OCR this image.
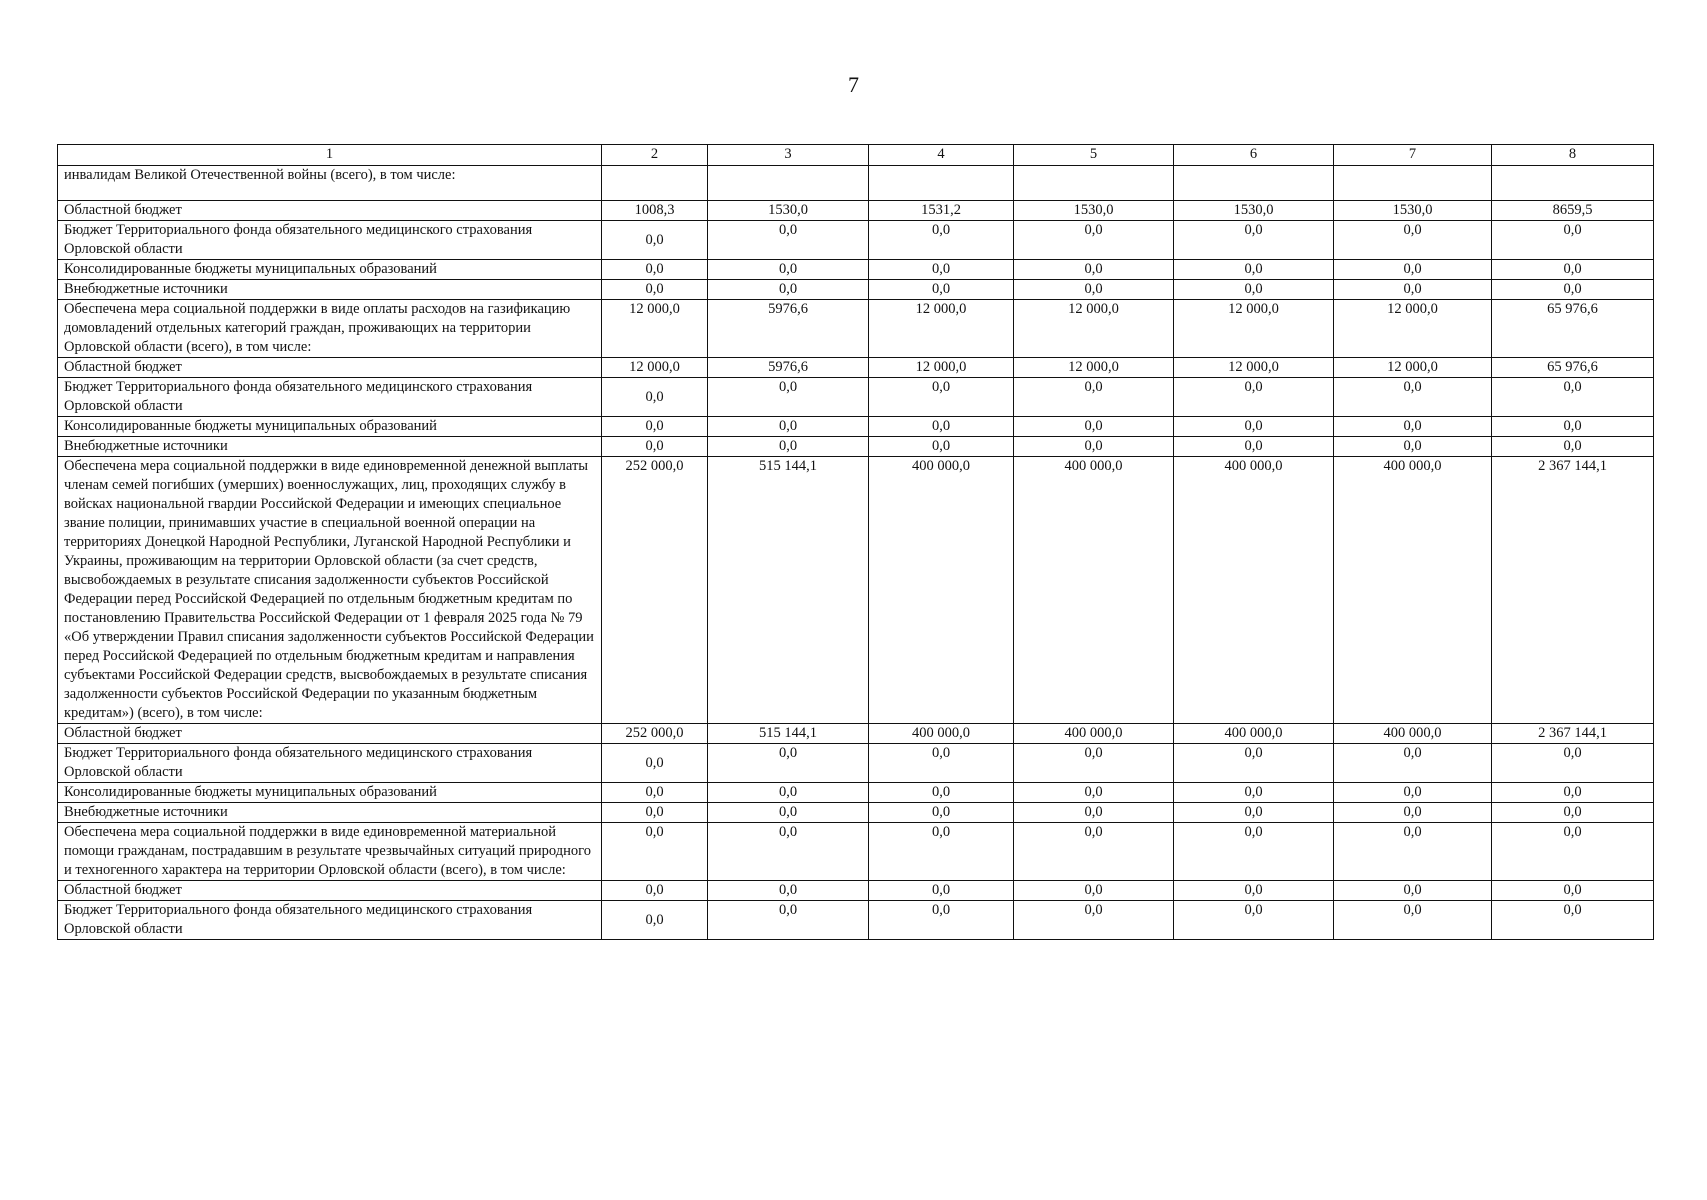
7
1	2	3	4	5	6	7	8
инвалидам Великой Отечественной войны (всего), в том числе:							
Областной бюджет	1008,3	1530,0	1531,2	1530,0	1530,0	1530,0	8659,5
Бюджет Территориального фонда обязательного медицинского страхования Орловской области	0,0	0,0	0,0	0,0	0,0	0,0	0,0
Консолидированные бюджеты муниципальных образований	0,0	0,0	0,0	0,0	0,0	0,0	0,0
Внебюджетные источники	0,0	0,0	0,0	0,0	0,0	0,0	0,0
Обеспечена мера социальной поддержки в виде оплаты расходов на газификацию домовладений отдельных категорий граждан, проживающих на территории Орловской области (всего), в том числе:	12 000,0	5976,6	12 000,0	12 000,0	12 000,0	12 000,0	65 976,6
Областной бюджет	12 000,0	5976,6	12 000,0	12 000,0	12 000,0	12 000,0	65 976,6
Бюджет Территориального фонда обязательного медицинского страхования Орловской области	0,0	0,0	0,0	0,0	0,0	0,0	0,0
Консолидированные бюджеты муниципальных образований	0,0	0,0	0,0	0,0	0,0	0,0	0,0
Внебюджетные источники	0,0	0,0	0,0	0,0	0,0	0,0	0,0
Обеспечена мера социальной поддержки в виде единовременной денежной выплаты членам семей погибших (умерших) военнослужащих, лиц, проходящих службу в войсках национальной гвардии Российской Федерации и имеющих специальное звание полиции, принимавших участие в специальной военной операции на территориях Донецкой Народной Республики, Луганской Народной Республики и Украины, проживающим на территории Орловской области (за счет средств, высвобождаемых в результате списания задолженности субъектов Российской Федерации перед Российской Федерацией по отдельным бюджетным кредитам по постановлению Правительства Российской Федерации от 1 февраля 2025 года № 79 «Об утверждении Правил списания задолженности субъектов Российской Федерации перед Российской Федерацией по отдельным бюджетным кредитам и направления субъектами Российской Федерации средств, высвобождаемых в результате списания задолженности субъектов Российской Федерации по указанным бюджетным кредитам») (всего), в том числе:	252 000,0	515 144,1	400 000,0	400 000,0	400 000,0	400 000,0	2 367 144,1
Областной бюджет	252 000,0	515 144,1	400 000,0	400 000,0	400 000,0	400 000,0	2 367 144,1
Бюджет Территориального фонда обязательного медицинского страхования Орловской области	0,0	0,0	0,0	0,0	0,0	0,0	0,0
Консолидированные бюджеты муниципальных образований	0,0	0,0	0,0	0,0	0,0	0,0	0,0
Внебюджетные источники	0,0	0,0	0,0	0,0	0,0	0,0	0,0
Обеспечена мера социальной поддержки в виде единовременной материальной помощи гражданам, пострадавшим в результате чрезвычайных ситуаций природного и техногенного характера на территории Орловской области (всего), в том числе:	0,0	0,0	0,0	0,0	0,0	0,0	0,0
Областной бюджет	0,0	0,0	0,0	0,0	0,0	0,0	0,0
Бюджет Территориального фонда обязательного медицинского страхования Орловской области	0,0	0,0	0,0	0,0	0,0	0,0	0,0
